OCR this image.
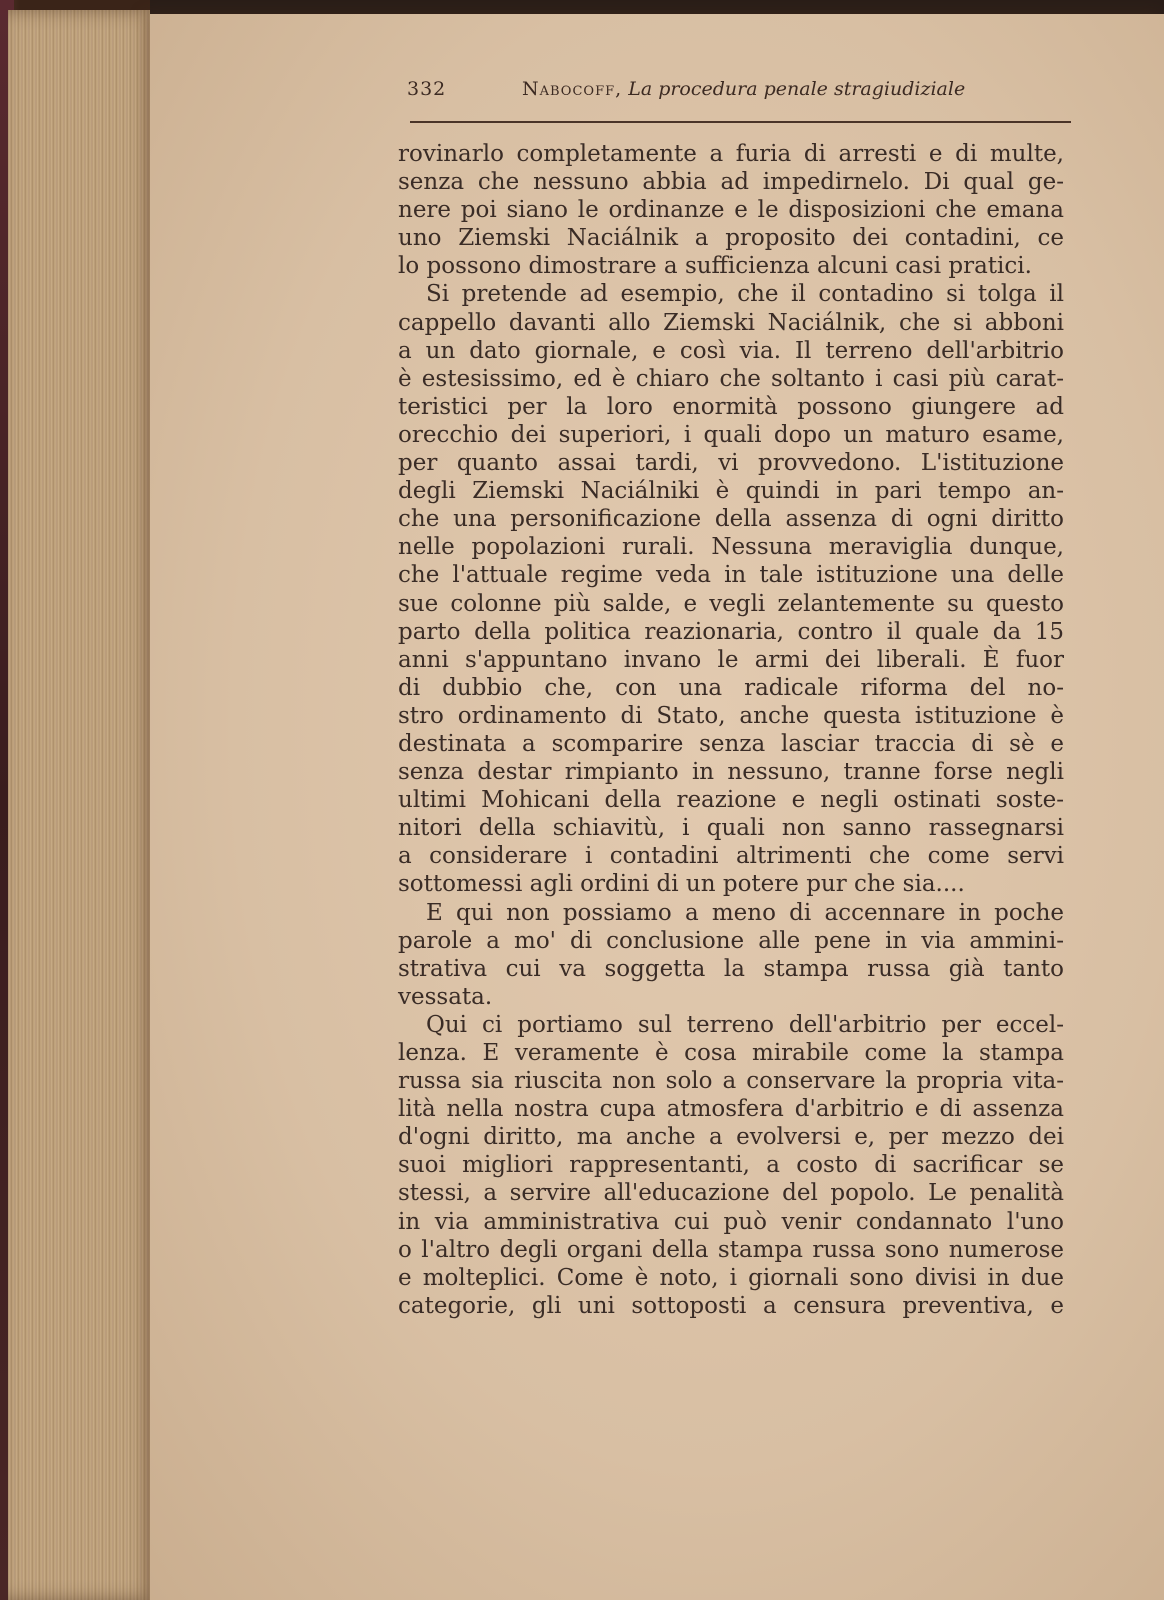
332	Nabocoff, La procedura penale stragiudiziale

rovinarlo completamente a furia di arresti e di multe,

senza che nessuno abbia ad impedirnelo. Di qual ge-

nere poi siano le ordinanze e le disposizioni che emana

uno Ziemski Naciálnik a proposito dei contadini, ce

lo possono dimostrare a sufficienza alcuni casi pratici.

Si pretende ad esempio, che il contadino si tolga il

cappello davanti allo Ziemski Naciálnik, che si abboni

a un dato giornale, e così via. Il terreno dell'arbitrio

è estesissimo, ed è chiaro che soltanto i casi più carat-

teristici per la loro enormità possono giungere ad

orecchio dei superiori, i quali dopo un maturo esame,

per quanto assai tardi, vi provvedono. L'istituzione

degli Ziemski Naciálniki è quindi in pari tempo an-

che una personificazione della assenza di ogni diritto

nelle popolazioni rurali. Nessuna meraviglia dunque,

che l'attuale regime veda in tale istituzione una delle

sue colonne più salde, e vegli zelantemente su questo

parto della politica reazionaria, contro il quale da 15

anni s'appuntano invano le armi dei liberali. È fuor

di dubbio che, con una radicale riforma del no-

stro ordinamento di Stato, anche questa istituzione è

destinata a scomparire senza lasciar traccia di sè e

senza destar rimpianto in nessuno, tranne forse negli

ultimi Mohicani della reazione e negli ostinati soste-

nitori della schiavitù, i quali non sanno rassegnarsi

a considerare i contadini altrimenti che come servi

sottomessi agli ordini di un potere pur che sia....

E qui non possiamo a meno di accennare in poche

parole a mo' di conclusione alle pene in via ammini-

strativa cui va soggetta la stampa russa già tanto

vessata.

Qui ci portiamo sul terreno dell'arbitrio per eccel-

lenza. E veramente è cosa mirabile come la stampa

russa sia riuscita non solo a conservare la propria vita-

lità nella nostra cupa atmosfera d'arbitrio e di assenza

d'ogni diritto, ma anche a evolversi e, per mezzo dei

suoi migliori rappresentanti, a costo di sacrificar se

stessi, a servire all'educazione del popolo. Le penalità

in via amministrativa cui può venir condannato l'uno

o l'altro degli organi della stampa russa sono numerose

e molteplici. Come è noto, i giornali sono divisi in due

categorie, gli uni sottoposti a censura preventiva, e
